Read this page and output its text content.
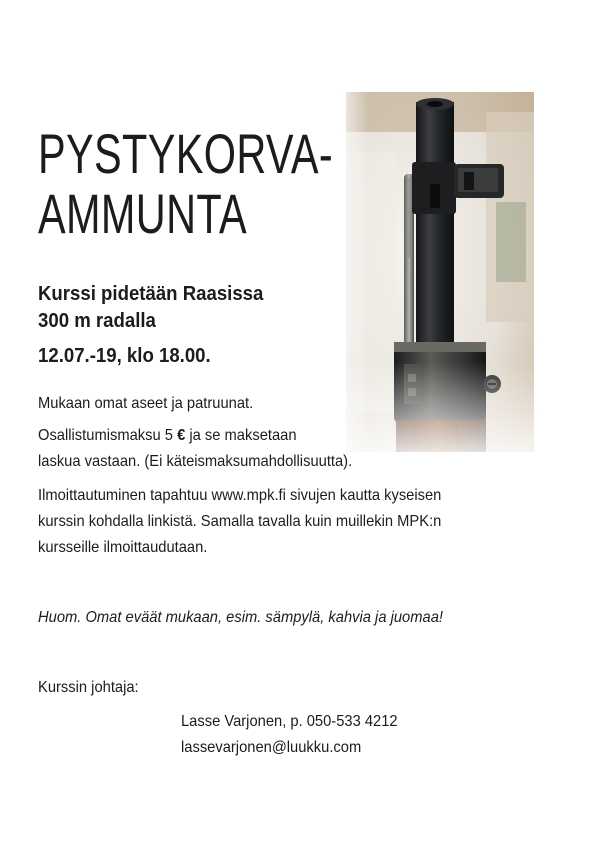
PYSTYKORVA-
AMMUNTA

Kurssi pidetään Raasissa

300 m radalla

12.07.-19, klo 18.00.

Mukaan omat aseet ja patruunat.

Osallistumismaksu 5 € ja se maksetaan

laskua vastaan. (Ei käteismaksumahdollisuutta).

Ilmoittautuminen tapahtuu www.mpk.fi sivujen kautta kyseisen

kurssin kohdalla linkistä. Samalla tavalla kuin muillekin MPK:n

kursseille ilmoittaudutaan.

Huom. Omat eväät mukaan, esim. sämpylä, kahvia ja juomaa!

Kurssin johtaja:

Lasse Varjonen, p. 050-533 4212

lassevarjonen@luukku.com
